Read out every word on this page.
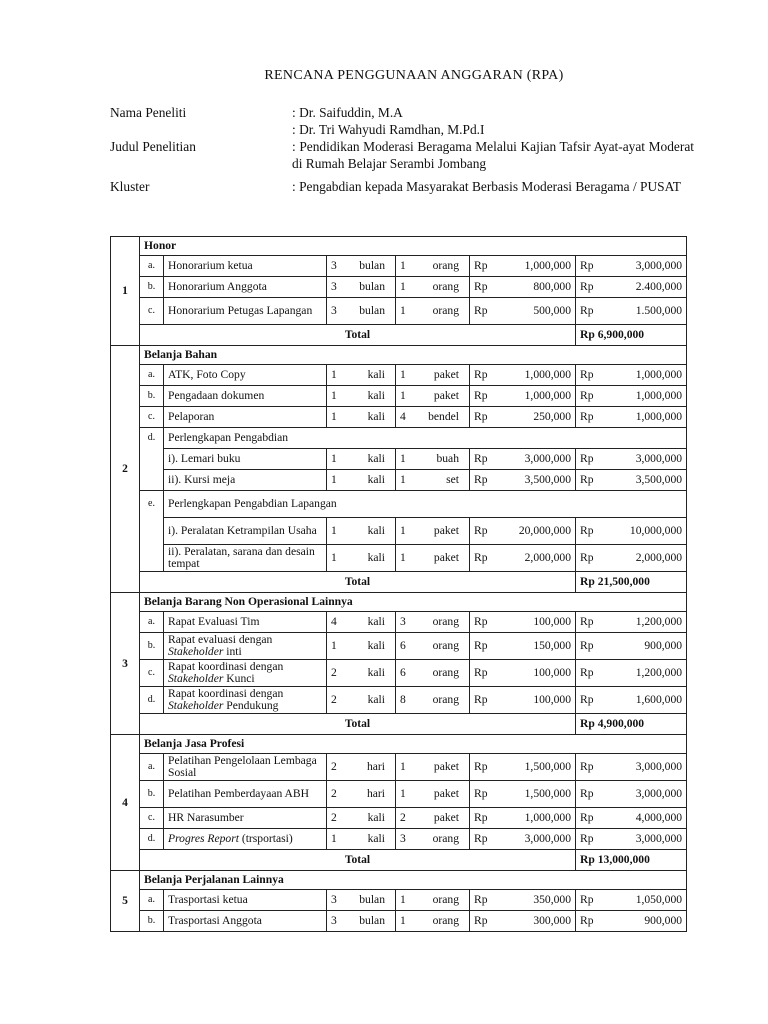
RENCANA PENGGUNAAN ANGGARAN (RPA)
Nama Peneliti	: Dr. Saifuddin, M.A

: Dr. Tri Wahyudi Ramdhan, M.Pd.I

Judul Penelitian	: Pendidikan Moderasi Beragama Melalui Kajian Tafsir Ayat-ayat Moderat di Rumah Belajar Serambi Jombang
Kluster	: Pengabdian kepada Masyarakat Berbasis Moderasi Beragama / PUSAT
1	Honor					
	a.	Honorarium ketua	3 bulan	1 orang	Rp 1,000,000	Rp 3,000,000

	b.	Honorarium Anggota	3 bulan	1 orang	Rp 800,000	Rp 2.400,000

	c.	Honorarium Petugas Lapangan	3 bulan	1 orang	Rp 500,000	Rp 1.500,000

	Total					Rp 6,900,000
2	Belanja Bahan					
	a.	ATK, Foto Copy	1 kali	1 paket	Rp 1,000,000	Rp 1,000,000

	b.	Pengadaan dokumen	1 kali	1 paket	Rp 1,000,000	Rp 1,000,000

	c.	Pelaporan	1 kali	4 bendel	Rp 250,000	Rp 1,000,000

	d.	Perlengkapan Pengabdian				
		i). Lemari buku	1 kali	1 buah	Rp 3,000,000	Rp 3,000,000

		ii). Kursi meja	1 kali	1 set	Rp 3,500,000	Rp 3,500,000

	e.	Perlengkapan Pengabdian Lapangan				
		i). Peralatan Ketrampilan Usaha	1 kali	1 paket	Rp 20,000,000	Rp 10,000,000

		ii). Peralatan, sarana dan desain tempat	1 kali	1 paket	Rp 2,000,000	Rp 2,000,000

	Total					Rp 21,500,000
3	Belanja Barang Non Operasional Lainnya					
	a.	Rapat Evaluasi Tim	4 kali	3 orang	Rp 100,000	Rp 1,200,000

	b.	Rapat evaluasi dengan
Stakeholder inti	1 kali	6 orang	Rp 150,000	Rp 900,000

	c.	Rapat koordinasi dengan
Stakeholder Kunci	2 kali	6 orang	Rp 100,000	Rp 1,200,000

	d.	Rapat koordinasi dengan
Stakeholder Pendukung	2 kali	8 orang	Rp 100,000	Rp 1,600,000

	Total					Rp 4,900,000
4	Belanja Jasa Profesi					
	a.	Pelatihan Pengelolaan Lembaga Sosial	2 hari	1 paket	Rp 1,500,000	Rp 3,000,000

	b.	Pelatihan Pemberdayaan ABH	2 hari	1 paket	Rp 1,500,000	Rp 3,000,000

	c.	HR Narasumber	2 kali	2 paket	Rp 1,000,000	Rp 4,000,000

	d.	Progres Report (trsportasi)	1 kali	3 orang	Rp 3,000,000	Rp 3,000,000

	Total					Rp 13,000,000
5	Belanja Perjalanan Lainnya					
	a.	Trasportasi ketua	3 bulan	1 orang	Rp 350,000	Rp 1,050,000

	b.	Trasportasi Anggota	3 bulan	1 orang	Rp 300,000	Rp 900,000
